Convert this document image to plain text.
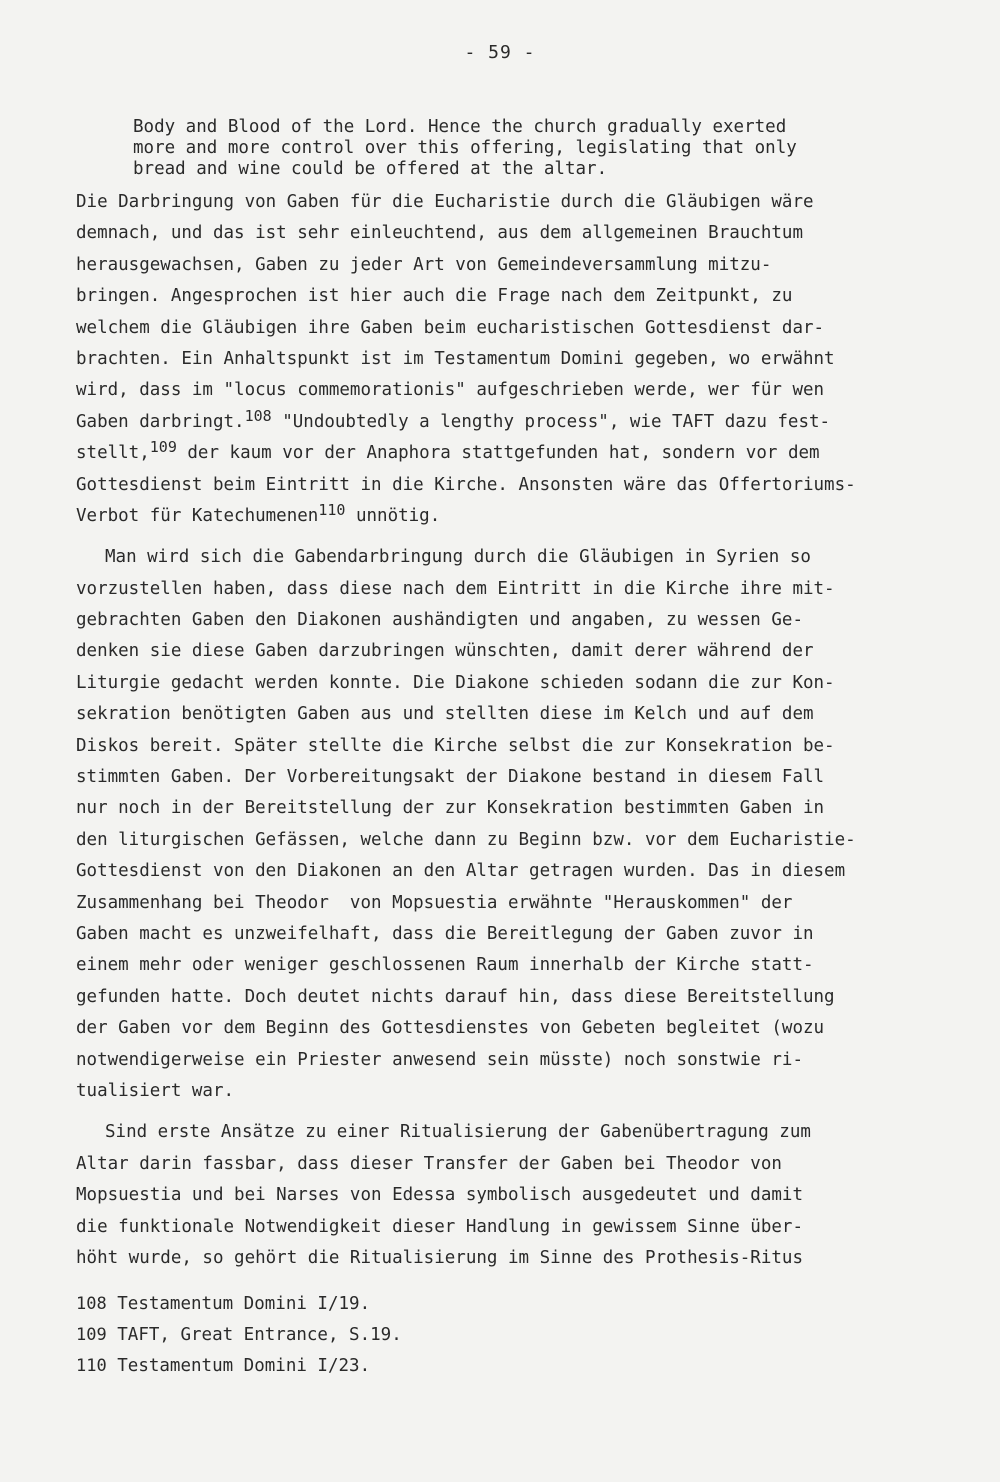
- 59 -
Body and Blood of the Lord. Hence the church gradually exerted
more and more control over this offering, legislating that only
bread and wine could be offered at the altar.
Die Darbringung von Gaben für die Eucharistie durch die Gläubigen wäre
demnach, und das ist sehr einleuchtend, aus dem allgemeinen Brauchtum
herausgewachsen, Gaben zu jeder Art von Gemeindeversammlung mitzu-
bringen. Angesprochen ist hier auch die Frage nach dem Zeitpunkt, zu
welchem die Gläubigen ihre Gaben beim eucharistischen Gottesdienst dar-
brachten. Ein Anhaltspunkt ist im Testamentum Domini gegeben, wo erwähnt
wird, dass im "locus commemorationis" aufgeschrieben werde, wer für wen
Gaben darbringt.$^{108}$ "Undoubtedly a lengthy process", wie TAFT dazu fest-
stellt,$^{109}$ der kaum vor der Anaphora stattgefunden hat, sondern vor dem
Gottesdienst beim Eintritt in die Kirche. Ansonsten wäre das Offertoriums-
Verbot für Katechumenen$^{110}$ unnötig.
Man wird sich die Gabendarbringung durch die Gläubigen in Syrien so
vorzustellen haben, dass diese nach dem Eintritt in die Kirche ihre mit-
gebrachten Gaben den Diakonen aushändigten und angaben, zu wessen Ge-
denken sie diese Gaben darzubringen wünschten, damit derer während der
Liturgie gedacht werden konnte. Die Diakone schieden sodann die zur Kon-
sekration benötigten Gaben aus und stellten diese im Kelch und auf dem
Diskos bereit. Später stellte die Kirche selbst die zur Konsekration be-
stimmten Gaben. Der Vorbereitungsakt der Diakone bestand in diesem Fall
nur noch in der Bereitstellung der zur Konsekration bestimmten Gaben in
den liturgischen Gefässen, welche dann zu Beginn bzw. vor dem Eucharistie-
Gottesdienst von den Diakonen an den Altar getragen wurden. Das in diesem
Zusammenhang bei Theodor  von Mopsuestia erwähnte "Herauskommen" der
Gaben macht es unzweifelhaft, dass die Bereitlegung der Gaben zuvor in
einem mehr oder weniger geschlossenen Raum innerhalb der Kirche statt-
gefunden hatte. Doch deutet nichts darauf hin, dass diese Bereitstellung
der Gaben vor dem Beginn des Gottesdienstes von Gebeten begleitet (wozu
notwendigerweise ein Priester anwesend sein müsste) noch sonstwie ri-
tualisiert war.
Sind erste Ansätze zu einer Ritualisierung der Gabenübertragung zum
Altar darin fassbar, dass dieser Transfer der Gaben bei Theodor von
Mopsuestia und bei Narses von Edessa symbolisch ausgedeutet und damit
die funktionale Notwendigkeit dieser Handlung in gewissem Sinne über-
höht wurde, so gehört die Ritualisierung im Sinne des Prothesis-Ritus
108 Testamentum Domini I/19.
109 TAFT, Great Entrance, S.19.
110 Testamentum Domini I/23.
